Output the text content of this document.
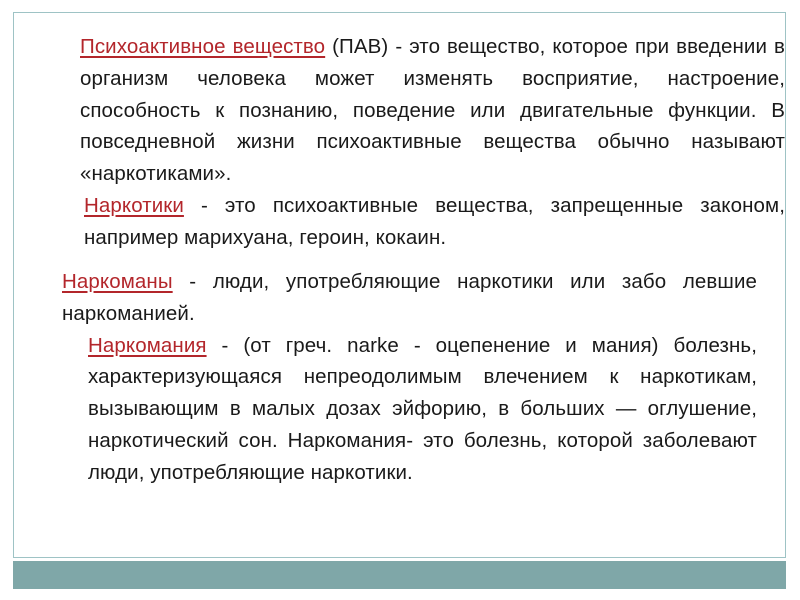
Психоактивное вещество (ПАВ) - это вещество, которое при введении в организм человека может изменять восприятие, настроение, способность к познанию, поведение или двигательные функции. В повседневной жизни психоактивные вещества обычно называют «наркотиками».

Наркотики - это психоактивные вещества, запрещенные законом, например марихуана, героин, кокаин.

Наркоманы - люди, употребляющие наркотики или забо левшие наркоманией.

Наркомания - (от греч. narke - оцепенение и мания) болезнь, характеризующаяся непреодолимым влечением к наркотикам, вызывающим в малых дозах эйфорию, в больших — оглушение, наркотический сон. Наркомания- это болезнь, которой заболевают люди, употребляющие наркотики.
